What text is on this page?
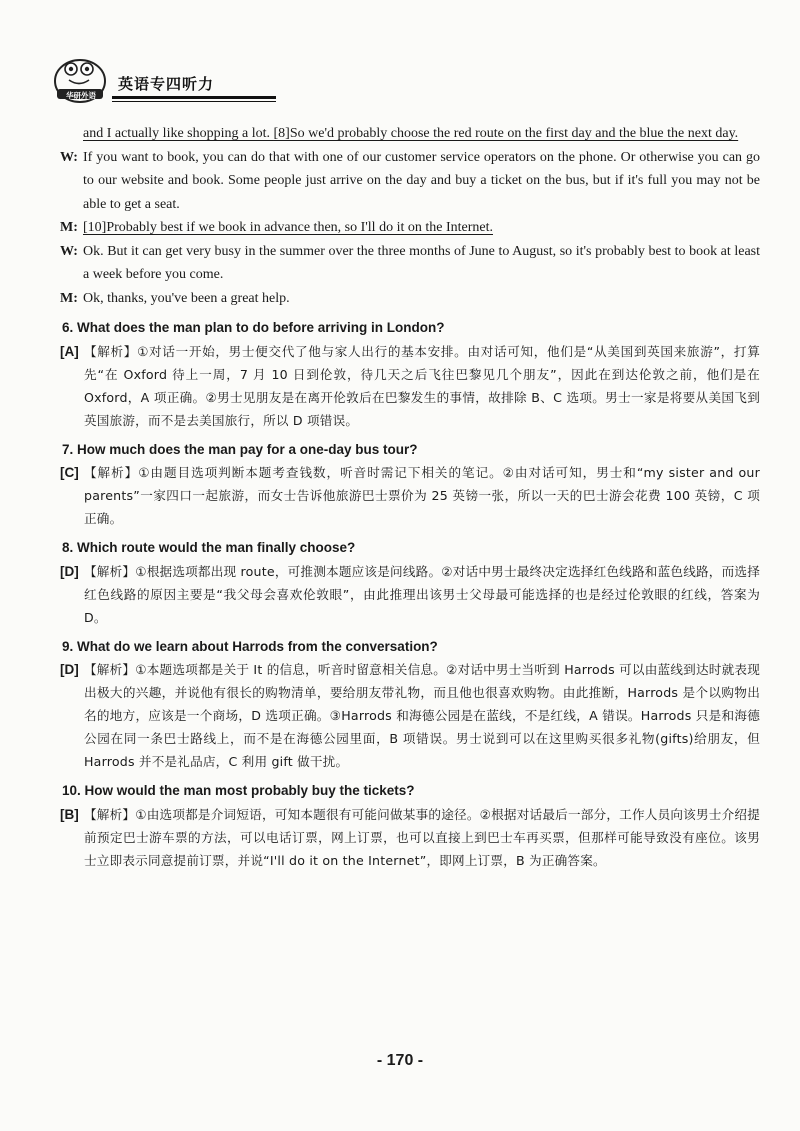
华研外语
英语专四听力
and I actually like shopping a lot. [8]So we'd probably choose the red route on the first day and the blue the next day.
W: If you want to book, you can do that with one of our customer service operators on the phone. Or otherwise you can go to our website and book. Some people just arrive on the day and buy a ticket on the bus, but if it's full you may not be able to get a seat.
M: [10]Probably best if we book in advance then, so I'll do it on the Internet.
W: Ok. But it can get very busy in the summer over the three months of June to August, so it's probably best to book at least a week before you come.
M: Ok, thanks, you've been a great help.
6. What does the man plan to do before arriving in London?
[A] 【解析】①对话一开始，男士便交代了他与家人出行的基本安排。由对话可知，他们是“从美国到英国来旅游”，打算先“在 Oxford 待上一周，7 月 10 日到伦敦，待几天之后飞往巴黎见几个朋友”，因此在到达伦敦之前，他们是在 Oxford，A 项正确。②男士见朋友是在离开伦敦后在巴黎发生的事情，故排除 B、C 选项。男士一家是将要从美国飞到英国旅游，而不是去美国旅行，所以 D 项错误。
7. How much does the man pay for a one-day bus tour?
[C] 【解析】①由题目选项判断本题考查钱数，听音时需记下相关的笔记。②由对话可知，男士和“my sister and our parents”一家四口一起旅游，而女士告诉他旅游巴士票价为 25 英镑一张，所以一天的巴士游会花费 100 英镑，C 项正确。
8. Which route would the man finally choose?
[D] 【解析】①根据选项都出现 route，可推测本题应该是问线路。②对话中男士最终决定选择红色线路和蓝色线路，而选择红色线路的原因主要是“我父母会喜欢伦敦眼”，由此推理出该男士父母最可能选择的也是经过伦敦眼的红线，答案为 D。
9. What do we learn about Harrods from the conversation?
[D] 【解析】①本题选项都是关于 It 的信息，听音时留意相关信息。②对话中男士当听到 Harrods 可以由蓝线到达时就表现出极大的兴趣，并说他有很长的购物清单，要给朋友带礼物，而且他也很喜欢购物。由此推断，Harrods 是个以购物出名的地方，应该是一个商场，D 选项正确。③Harrods 和海德公园是在蓝线，不是红线，A 错误。Harrods 只是和海德公园在同一条巴士路线上，而不是在海德公园里面，B 项错误。男士说到可以在这里购买很多礼物(gifts)给朋友，但 Harrods 并不是礼品店，C 利用 gift 做干扰。
10. How would the man most probably buy the tickets?
[B] 【解析】①由选项都是介词短语，可知本题很有可能问做某事的途径。②根据对话最后一部分，工作人员向该男士介绍提前预定巴士游车票的方法，可以电话订票，网上订票，也可以直接上到巴士车再买票，但那样可能导致没有座位。该男士立即表示同意提前订票，并说“I'll do it on the Internet”，即网上订票，B 为正确答案。
- 170 -
